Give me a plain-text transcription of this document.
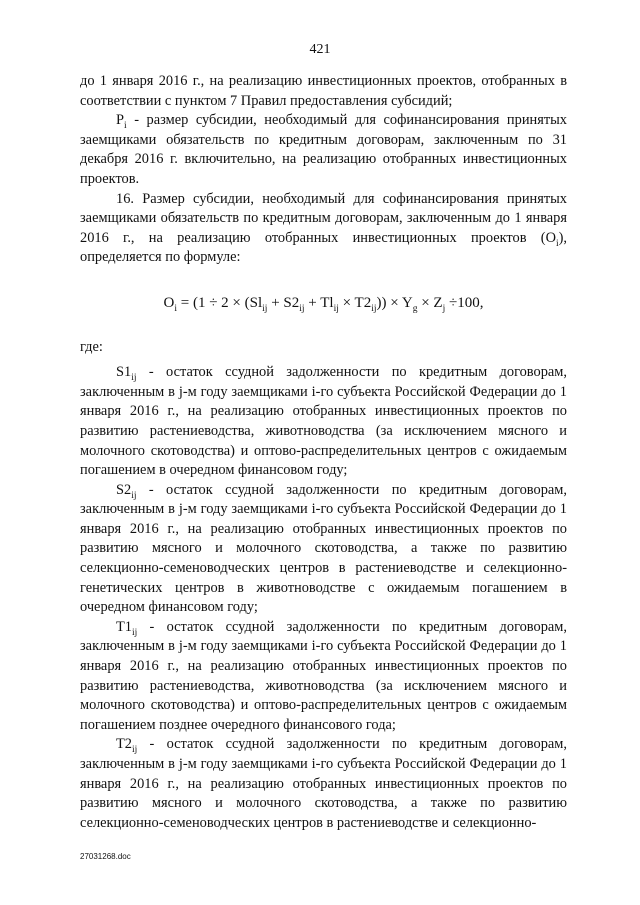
421

до 1 января 2016 г., на реализацию инвестиционных проектов, отобранных в соответствии с пунктом 7 Правил предоставления субсидий;

$P_i$ - размер субсидии, необходимый для софинансирования принятых заемщиками обязательств по кредитным договорам, заключенным по 31 декабря 2016 г. включительно, на реализацию отобранных инвестиционных проектов.

16. Размер субсидии, необходимый для софинансирования принятых заемщиками обязательств по кредитным договорам, заключенным до 1 января 2016 г., на реализацию отобранных инвестиционных проектов $(O_i)$, определяется по формуле:

$O_i = (1 \div 2 \times (Sl_{ij} + S2_{ij} + Tl_{ij} \times T2_{ij})) \times Y_g \times Z_j \div 100$,

где:

$S1_{ij}$ - остаток ссудной задолженности по кредитным договорам, заключенным в j-м году заемщиками i-го субъекта Российской Федерации до 1 января 2016 г., на реализацию отобранных инвестиционных проектов по развитию растениеводства, животноводства (за исключением мясного и молочного скотоводства) и оптово-распределительных центров с ожидаемым погашением в очередном финансовом году;

$S2_{ij}$ - остаток ссудной задолженности по кредитным договорам, заключенным в j-м году заемщиками i-го субъекта Российской Федерации до 1 января 2016 г., на реализацию отобранных инвестиционных проектов по развитию мясного и молочного скотоводства, а также по развитию селекционно-семеноводческих центров в растениеводстве и селекционно-генетических центров в животноводстве с ожидаемым погашением в очередном финансовом году;

$T1_{ij}$ - остаток ссудной задолженности по кредитным договорам, заключенным в j-м году заемщиками i-го субъекта Российской Федерации до 1 января 2016 г., на реализацию отобранных инвестиционных проектов по развитию растениеводства, животноводства (за исключением мясного и молочного скотоводства) и оптово-распределительных центров с ожидаемым погашением позднее очередного финансового года;

$T2_{ij}$ - остаток ссудной задолженности по кредитным договорам, заключенным в j-м году заемщиками i-го субъекта Российской Федерации до 1 января 2016 г., на реализацию отобранных инвестиционных проектов по развитию мясного и молочного скотоводства, а также по развитию селекционно-семеноводческих центров в растениеводстве и селекционно-

27031268.doc
